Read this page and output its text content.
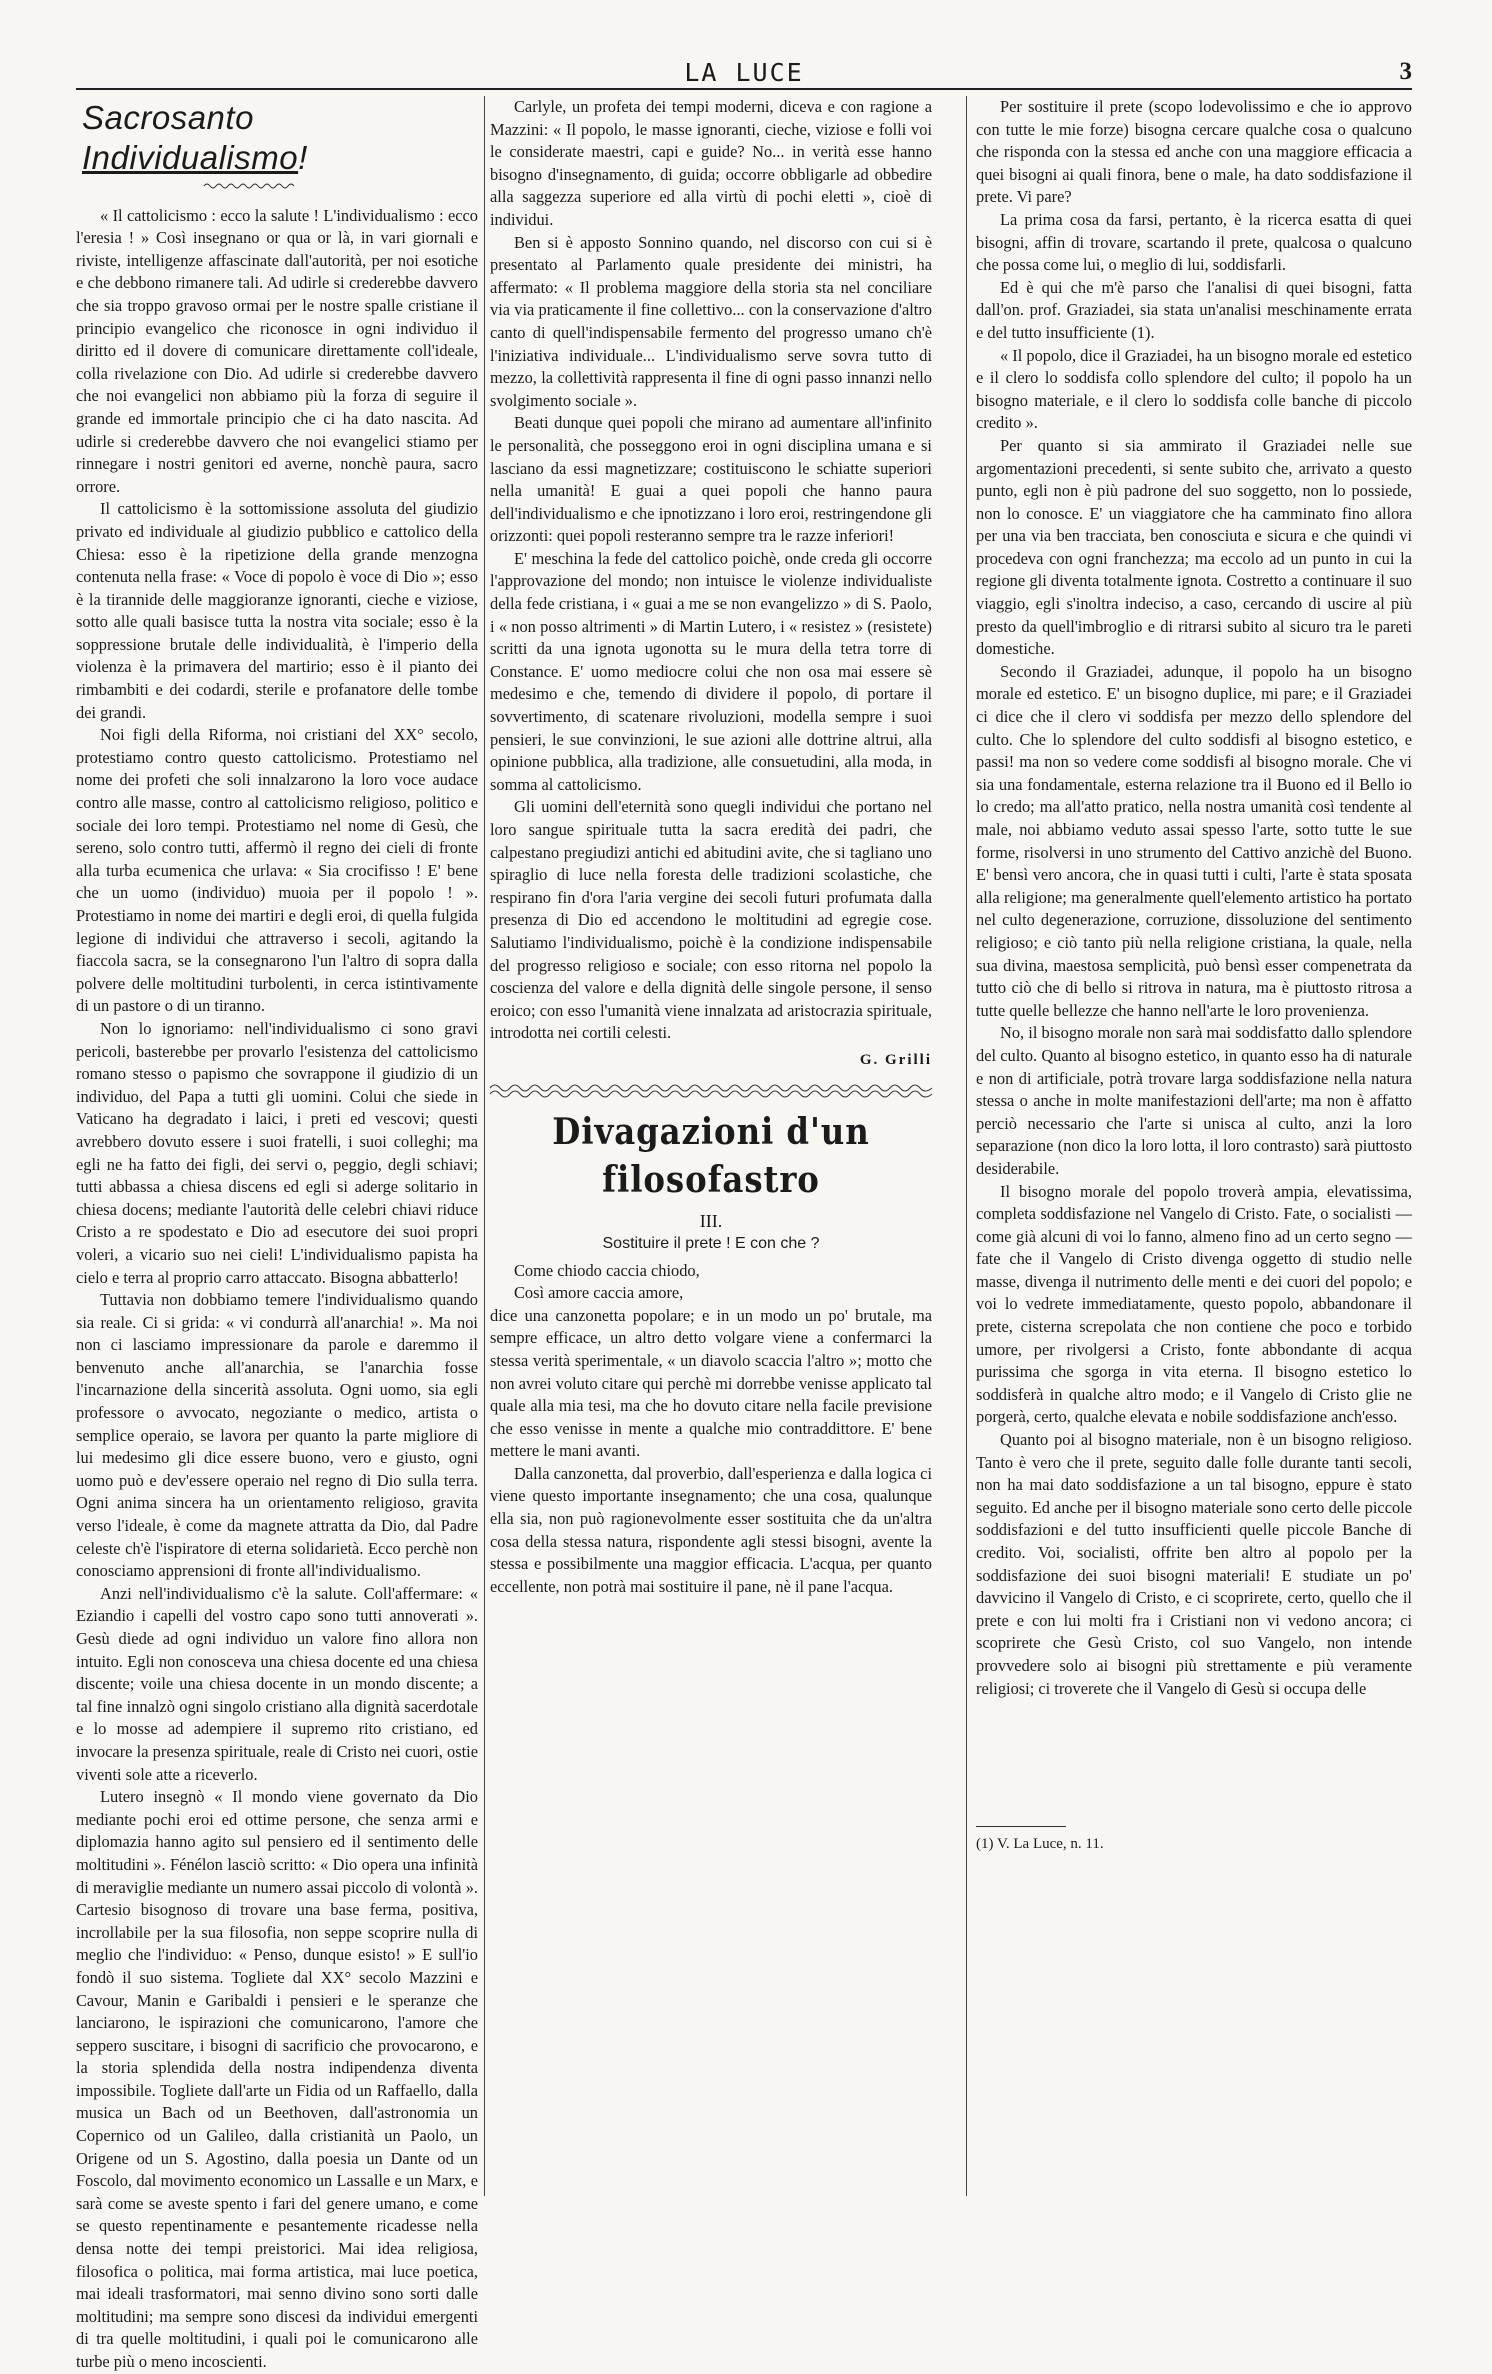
LA LUCE	3
Sacrosanto Individualismo!

« Il cattolicismo : ecco la salute ! L'individualismo : ecco l'eresia ! » Così insegnano or qua or là, in vari giornali e riviste, intelligenze affascinate dall'autorità, per noi esotiche e che debbono rimanere tali. Ad udirle si crederebbe davvero che sia troppo gravoso ormai per le nostre spalle cristiane il principio evangelico che riconosce in ogni individuo il diritto ed il dovere di comunicare direttamente coll'ideale, colla rivelazione con Dio. Ad udirle si crederebbe davvero che noi evangelici non abbiamo più la forza di seguire il grande ed immortale principio che ci ha dato nascita. Ad udirle si crederebbe davvero che noi evangelici stiamo per rinnegare i nostri genitori ed averne, nonchè paura, sacro orrore.

Il cattolicismo è la sottomissione assoluta del giudizio privato ed individuale al giudizio pubblico e cattolico della Chiesa: esso è la ripetizione della grande menzogna contenuta nella frase: « Voce di popolo è voce di Dio »; esso è la tirannide delle maggioranze ignoranti, cieche e viziose, sotto alle quali basisce tutta la nostra vita sociale; esso è la soppressione brutale delle individualità, è l'imperio della violenza è la primavera del martirio; esso è il pianto dei rimbambiti e dei codardi, sterile e profanatore delle tombe dei grandi.

Noi figli della Riforma, noi cristiani del XX° secolo, protestiamo contro questo cattolicismo. Protestiamo nel nome dei profeti che soli innalzarono la loro voce audace contro alle masse, contro al cattolicismo religioso, politico e sociale dei loro tempi. Protestiamo nel nome di Gesù, che sereno, solo contro tutti, affermò il regno dei cieli di fronte alla turba ecumenica che urlava: « Sia crocifisso ! E' bene che un uomo (individuo) muoia per il popolo ! ». Protestiamo in nome dei martiri e degli eroi, di quella fulgida legione di individui che attraverso i secoli, agitando la fiaccola sacra, se la consegnarono l'un l'altro di sopra dalla polvere delle moltitudini turbolenti, in cerca istintivamente di un pastore o di un tiranno.

Non lo ignoriamo: nell'individualismo ci sono gravi pericoli, basterebbe per provarlo l'esistenza del cattolicismo romano stesso o papismo che sovrappone il giudizio di un individuo, del Papa a tutti gli uomini. Colui che siede in Vaticano ha degradato i laici, i preti ed vescovi; questi avrebbero dovuto essere i suoi fratelli, i suoi colleghi; ma egli ne ha fatto dei figli, dei servi o, peggio, degli schiavi; tutti abbassa a chiesa discens ed egli si aderge solitario in chiesa docens; mediante l'autorità delle celebri chiavi riduce Cristo a re spodestato e Dio ad esecutore dei suoi propri voleri, a vicario suo nei cieli! L'individualismo papista ha cielo e terra al proprio carro attaccato. Bisogna abbatterlo!

Tuttavia non dobbiamo temere l'individualismo quando sia reale. Ci si grida: « vi condurrà all'anarchia! ». Ma noi non ci lasciamo impressionare da parole e daremmo il benvenuto anche all'anarchia, se l'anarchia fosse l'incarnazione della sincerità assoluta. Ogni uomo, sia egli professore o avvocato, negoziante o medico, artista o semplice operaio, se lavora per quanto la parte migliore di lui medesimo gli dice essere buono, vero e giusto, ogni uomo può e dev'essere operaio nel regno di Dio sulla terra. Ogni anima sincera ha un orientamento religioso, gravita verso l'ideale, è come da magnete attratta da Dio, dal Padre celeste ch'è l'ispiratore di eterna solidarietà. Ecco perchè non conosciamo apprensioni di fronte all'individualismo.

Anzi nell'individualismo c'è la salute. Coll'affermare: « Eziandio i capelli del vostro capo sono tutti annoverati ». Gesù diede ad ogni individuo un valore fino allora non intuito. Egli non conosceva una chiesa docente ed una chiesa discente; voile una chiesa docente in un mondo discente; a tal fine innalzò ogni singolo cristiano alla dignità sacerdotale e lo mosse ad adempiere il supremo rito cristiano, ed invocare la presenza spirituale, reale di Cristo nei cuori, ostie viventi sole atte a riceverlo.

Lutero insegnò « Il mondo viene governato da Dio mediante pochi eroi ed ottime persone, che senza armi e diplomazia hanno agito sul pensiero ed il sentimento delle moltitudini ». Fénélon lasciò scritto: « Dio opera una infinità di meraviglie mediante un numero assai piccolo di volontà ». Cartesio bisognoso di trovare una base ferma, positiva, incrollabile per la sua filosofia, non seppe scoprire nulla di meglio che l'individuo: « Penso, dunque esisto! » E sull'io fondò il suo sistema. Togliete dal XX° secolo Mazzini e Cavour, Manin e Garibaldi i pensieri e le speranze che lanciarono, le ispirazioni che comunicarono, l'amore che seppero suscitare, i bisogni di sacrificio che provocarono, e la storia splendida della nostra indipendenza diventa impossibile. Togliete dall'arte un Fidia od un Raffaello, dalla musica un Bach od un Beethoven, dall'astronomia un Copernico od un Galileo, dalla cristianità un Paolo, un Origene od un S. Agostino, dalla poesia un Dante od un Foscolo, dal movimento economico un Lassalle e un Marx, e sarà come se aveste spento i fari del genere umano, e come se questo repentinamente e pesantemente ricadesse nella densa notte dei tempi preistorici. Mai idea religiosa, filosofica o politica, mai forma artistica, mai luce poetica, mai ideali trasformatori, mai senno divino sono sorti dalle moltitudini; ma sempre sono discesi da individui emergenti di tra quelle moltitudini, i quali poi le comunicarono alle turbe più o meno incoscienti.

Carlyle, un profeta dei tempi moderni, diceva e con ragione a Mazzini: « Il popolo, le masse ignoranti, cieche, viziose e folli voi le considerate maestri, capi e guide? No... in verità esse hanno bisogno d'insegnamento, di guida; occorre obbligarle ad obbedire alla saggezza superiore ed alla virtù di pochi eletti », cioè di individui.

Ben si è apposto Sonnino quando, nel discorso con cui si è presentato al Parlamento quale presidente dei ministri, ha affermato: « Il problema maggiore della storia sta nel conciliare via via praticamente il fine collettivo... con la conservazione d'altro canto di quell'indispensabile fermento del progresso umano ch'è l'iniziativa individuale... L'individualismo serve sovra tutto di mezzo, la collettività rappresenta il fine di ogni passo innanzi nello svolgimento sociale ».

Beati dunque quei popoli che mirano ad aumentare all'infinito le personalità, che posseggono eroi in ogni disciplina umana e si lasciano da essi magnetizzare; costituiscono le schiatte superiori nella umanità! E guai a quei popoli che hanno paura dell'individualismo e che ipnotizzano i loro eroi, restringendone gli orizzonti: quei popoli resteranno sempre tra le razze inferiori!

E' meschina la fede del cattolico poichè, onde creda gli occorre l'approvazione del mondo; non intuisce le violenze individualiste della fede cristiana, i « guai a me se non evangelizzo » di S. Paolo, i « non posso altrimenti » di Martin Lutero, i « resistez » (resistete) scritti da una ignota ugonotta su le mura della tetra torre di Constance. E' uomo mediocre colui che non osa mai essere sè medesimo e che, temendo di dividere il popolo, di portare il sovvertimento, di scatenare rivoluzioni, modella sempre i suoi pensieri, le sue convinzioni, le sue azioni alle dottrine altrui, alla opinione pubblica, alla tradizione, alle consuetudini, alla moda, in somma al cattolicismo.

Gli uomini dell'eternità sono quegli individui che portano nel loro sangue spirituale tutta la sacra eredità dei padri, che calpestano pregiudizi antichi ed abitudini avite, che si tagliano uno spiraglio di luce nella foresta delle tradizioni scolastiche, che respirano fin d'ora l'aria vergine dei secoli futuri profumata dalla presenza di Dio ed accendono le moltitudini ad egregie cose. Salutiamo l'individualismo, poichè è la condizione indispensabile del progresso religioso e sociale; con esso ritorna nel popolo la coscienza del valore e della dignità delle singole persone, il senso eroico; con esso l'umanità viene innalzata ad aristocrazia spirituale, introdotta nei cortili celesti.

G. Grilli
Divagazioni d'un filosofastro
III.
Sostituire il prete ! E con che ?

Come chiodo caccia chiodo,

Così amore caccia amore,

dice una canzonetta popolare; e in un modo un po' brutale, ma sempre efficace, un altro detto volgare viene a confermarci la stessa verità sperimentale, « un diavolo scaccia l'altro »; motto che non avrei voluto citare qui perchè mi dorrebbe venisse applicato tal quale alla mia tesi, ma che ho dovuto citare nella facile previsione che esso venisse in mente a qualche mio contraddittore. E' bene mettere le mani avanti.

Dalla canzonetta, dal proverbio, dall'esperienza e dalla logica ci viene questo importante insegnamento; che una cosa, qualunque ella sia, non può ragionevolmente esser sostituita che da un'altra cosa della stessa natura, rispondente agli stessi bisogni, avente la stessa e possibilmente una maggior efficacia. L'acqua, per quanto eccellente, non potrà mai sostituire il pane, nè il pane l'acqua.

Per sostituire il prete (scopo lodevolissimo e che io approvo con tutte le mie forze) bisogna cercare qualche cosa o qualcuno che risponda con la stessa ed anche con una maggiore efficacia a quei bisogni ai quali finora, bene o male, ha dato soddisfazione il prete. Vi pare?

La prima cosa da farsi, pertanto, è la ricerca esatta di quei bisogni, affin di trovare, scartando il prete, qualcosa o qualcuno che possa come lui, o meglio di lui, soddisfarli.

Ed è qui che m'è parso che l'analisi di quei bisogni, fatta dall'on. prof. Graziadei, sia stata un'analisi meschinamente errata e del tutto insufficiente (1).

« Il popolo, dice il Graziadei, ha un bisogno morale ed estetico e il clero lo soddisfa collo splendore del culto; il popolo ha un bisogno materiale, e il clero lo soddisfa colle banche di piccolo credito ».

Per quanto si sia ammirato il Graziadei nelle sue argomentazioni precedenti, si sente subito che, arrivato a questo punto, egli non è più padrone del suo soggetto, non lo possiede, non lo conosce. E' un viaggiatore che ha camminato fino allora per una via ben tracciata, ben conosciuta e sicura e che quindi vi procedeva con ogni franchezza; ma eccolo ad un punto in cui la regione gli diventa totalmente ignota. Costretto a continuare il suo viaggio, egli s'inoltra indeciso, a caso, cercando di uscire al più presto da quell'imbroglio e di ritrarsi subito al sicuro tra le pareti domestiche.

Secondo il Graziadei, adunque, il popolo ha un bisogno morale ed estetico. E' un bisogno duplice, mi pare; e il Graziadei ci dice che il clero vi soddisfa per mezzo dello splendore del culto. Che lo splendore del culto soddisfi al bisogno estetico, e passi! ma non so vedere come soddisfi al bisogno morale. Che vi sia una fondamentale, esterna relazione tra il Buono ed il Bello io lo credo; ma all'atto pratico, nella nostra umanità così tendente al male, noi abbiamo veduto assai spesso l'arte, sotto tutte le sue forme, risolversi in uno strumento del Cattivo anzichè del Buono. E' bensì vero ancora, che in quasi tutti i culti, l'arte è stata sposata alla religione; ma generalmente quell'elemento artistico ha portato nel culto degenerazione, corruzione, dissoluzione del sentimento religioso; e ciò tanto più nella religione cristiana, la quale, nella sua divina, maestosa semplicità, può bensì esser compenetrata da tutto ciò che di bello si ritrova in natura, ma è piuttosto ritrosa a tutte quelle bellezze che hanno nell'arte le loro provenienza.

No, il bisogno morale non sarà mai soddisfatto dallo splendore del culto. Quanto al bisogno estetico, in quanto esso ha di naturale e non di artificiale, potrà trovare larga soddisfazione nella natura stessa o anche in molte manifestazioni dell'arte; ma non è affatto perciò necessario che l'arte si unisca al culto, anzi la loro separazione (non dico la loro lotta, il loro contrasto) sarà piuttosto desiderabile.

Il bisogno morale del popolo troverà ampia, elevatissima, completa soddisfazione nel Vangelo di Cristo. Fate, o socialisti — come già alcuni di voi lo fanno, almeno fino ad un certo segno — fate che il Vangelo di Cristo divenga oggetto di studio nelle masse, divenga il nutrimento delle menti e dei cuori del popolo; e voi lo vedrete immediatamente, questo popolo, abbandonare il prete, cisterna screpolata che non contiene che poco e torbido umore, per rivolgersi a Cristo, fonte abbondante di acqua purissima che sgorga in vita eterna. Il bisogno estetico lo soddisferà in qualche altro modo; e il Vangelo di Cristo glie ne porgerà, certo, qualche elevata e nobile soddisfazione anch'esso.

Quanto poi al bisogno materiale, non è un bisogno religioso. Tanto è vero che il prete, seguito dalle folle durante tanti secoli, non ha mai dato soddisfazione a un tal bisogno, eppure è stato seguito. Ed anche per il bisogno materiale sono certo delle piccole soddisfazioni e del tutto insufficienti quelle piccole Banche di credito. Voi, socialisti, offrite ben altro al popolo per la soddisfazione dei suoi bisogni materiali! E studiate un po' davvicino il Vangelo di Cristo, e ci scoprirete, certo, quello che il prete e con lui molti fra i Cristiani non vi vedono ancora; ci scoprirete che Gesù Cristo, col suo Vangelo, non intende provvedere solo ai bisogni più strettamente e più veramente religiosi; ci troverete che il Vangelo di Gesù si occupa delle

(1) V. La Luce, n. 11.
